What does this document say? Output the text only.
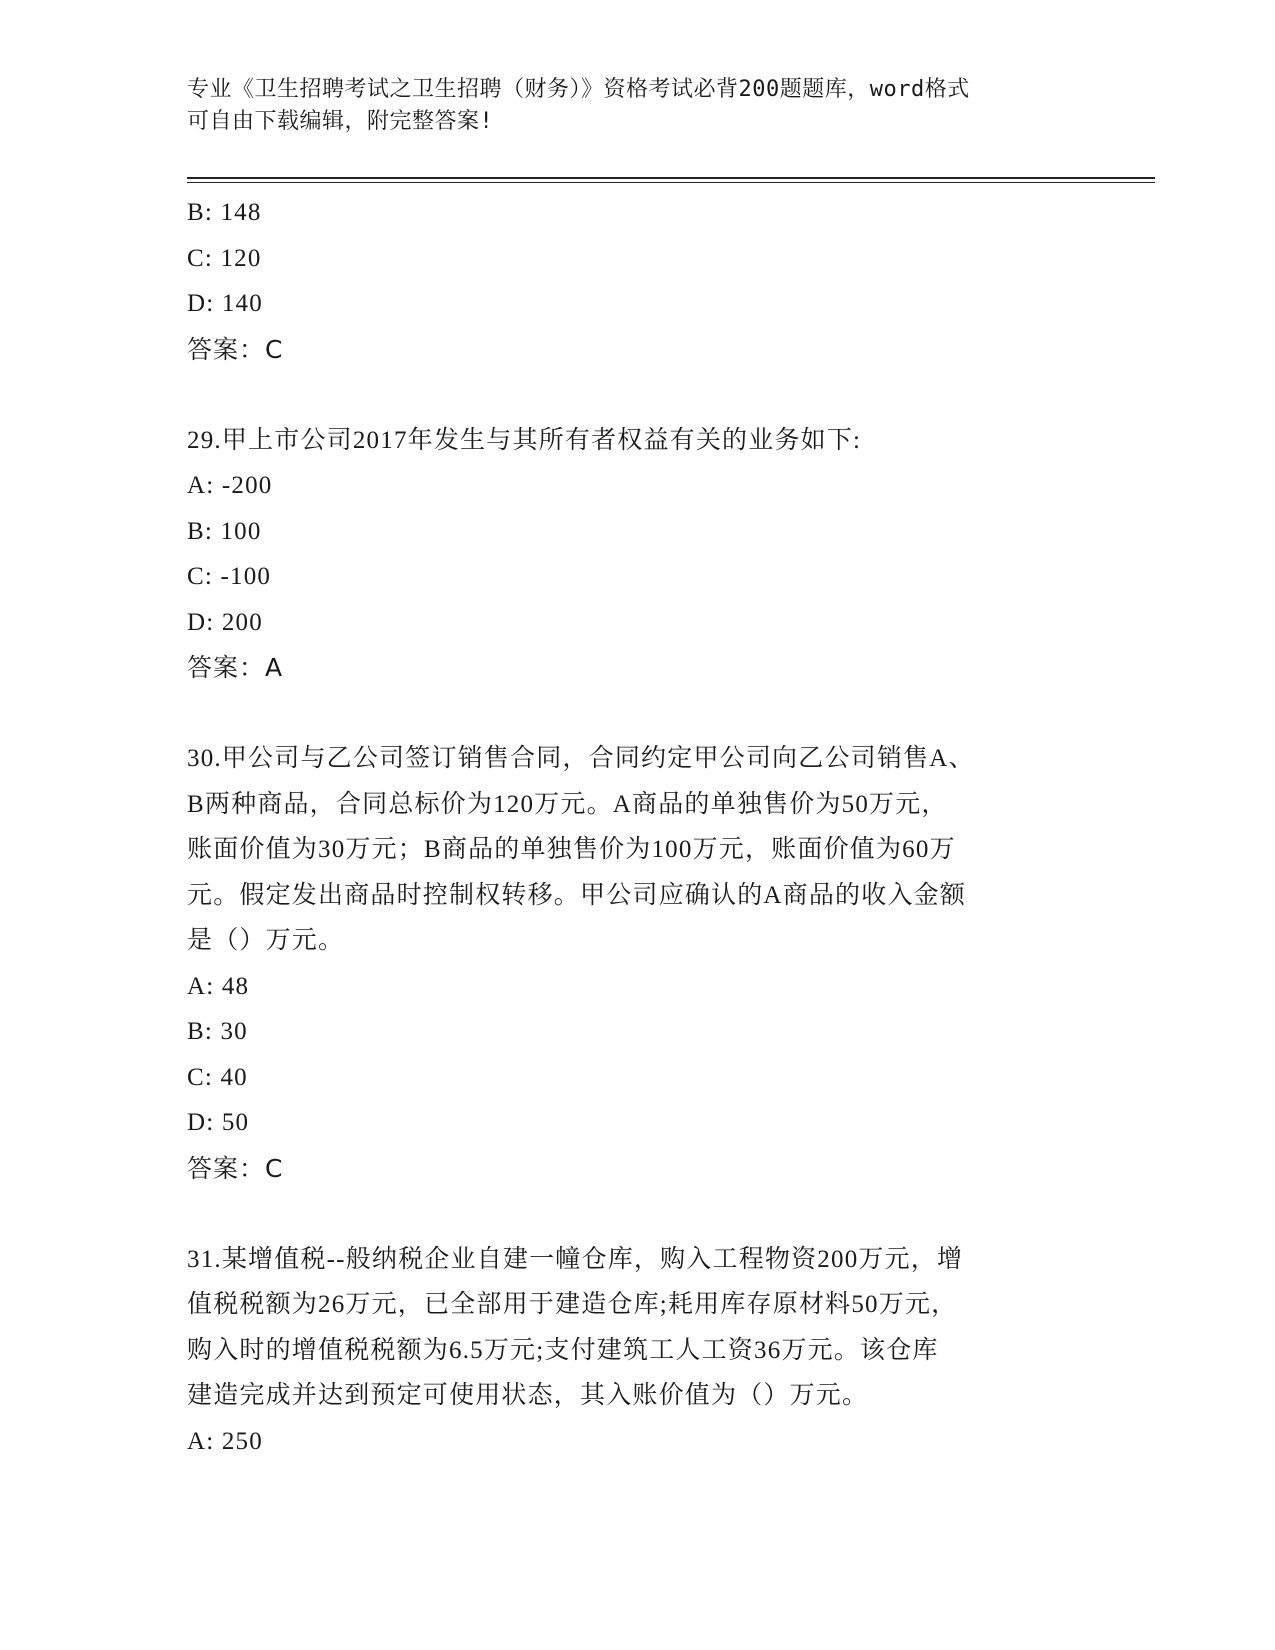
专业《卫生招聘考试之卫生招聘（财务）》资格考试必背200题题库，word格式
可自由下载编辑，附完整答案!
B: 148
C: 120
D: 140
答案：C
29.甲上市公司2017年发生与其所有者权益有关的业务如下:
A: -200
B: 100
C: -100
D: 200
答案：A
30.甲公司与乙公司签订销售合同，合同约定甲公司向乙公司销售A、
B两种商品，合同总标价为120万元。A商品的单独售价为50万元，
账面价值为30万元；B商品的单独售价为100万元，账面价值为60万
元。假定发出商品时控制权转移。甲公司应确认的A商品的收入金额
是（）万元。
A: 48
B: 30
C: 40
D: 50
答案：C
31.某增值税--般纳税企业自建一幢仓库，购入工程物资200万元，增
值税税额为26万元，已全部用于建造仓库;耗用库存原材料50万元，
购入时的增值税税额为6.5万元;支付建筑工人工资36万元。该仓库
建造完成并达到预定可使用状态，其入账价值为（）万元。
A: 250
